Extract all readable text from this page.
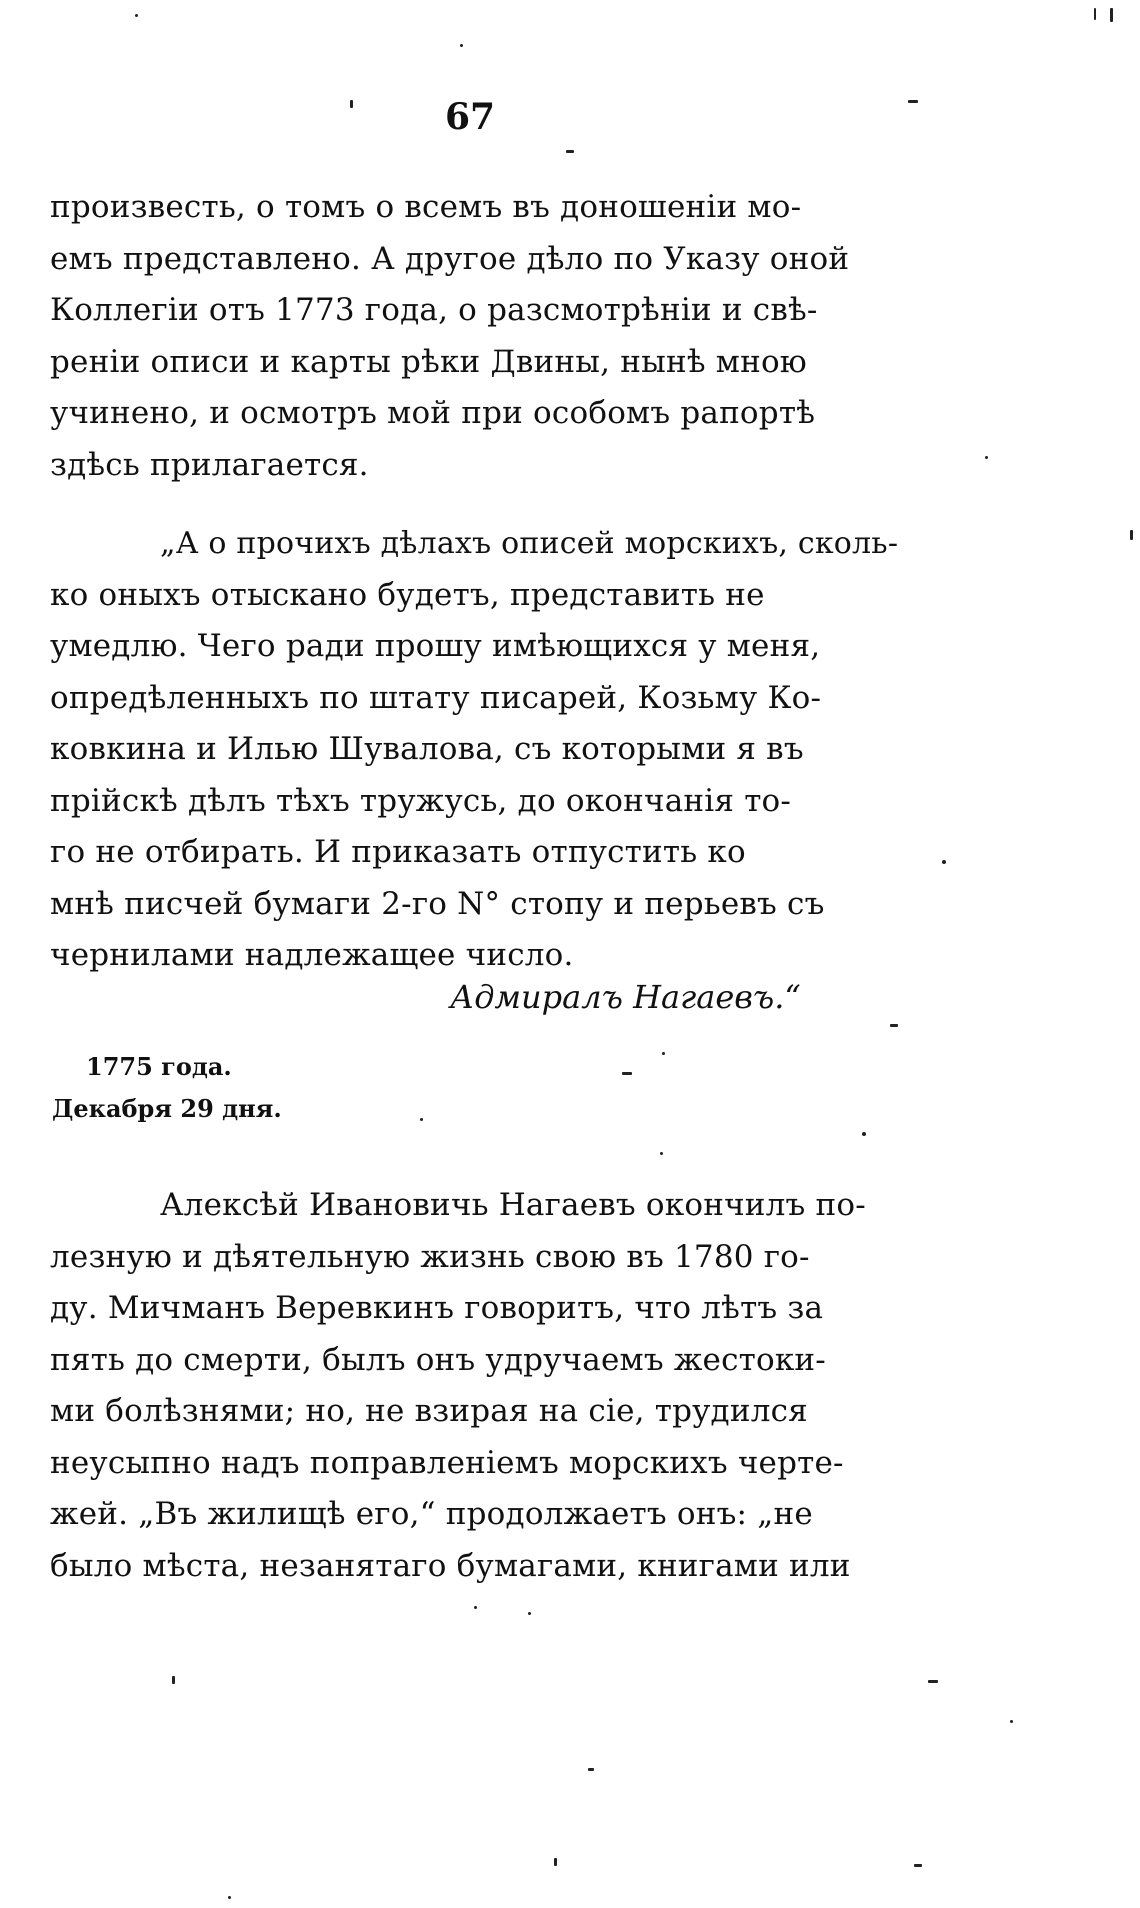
67
произвесть, о томъ о всемъ въ доношеніи мо-
емъ представлено. А другое дѣло по Указу оной
Коллегіи отъ 1773 года, о разсмотрѣніи и свѣ-
реніи описи и карты рѣки Двины, нынѣ мною
учинено, и осмотръ мой при особомъ рапортѣ
здѣсь прилагается.
„А о прочихъ дѣлахъ описей морскихъ, сколь-
ко оныхъ отыскано будетъ, представить не
умедлю. Чего ради прошу имѣющихся у меня,
опредѣленныхъ по штату писарей, Козьму Ко-
ковкина и Илью Шувалова, съ которыми я въ
прійскѣ дѣлъ тѣхъ тружусь, до окончанія то-
го не отбирать. И приказать отпустить ко
мнѣ писчей бумаги 2-го N° стопу и перьевъ съ
чернилами надлежащее число.
Адмиралъ Нагаевъ.“
1775 года.
Декабря 29 дня.
Алексѣй Ивановичь Нагаевъ окончилъ по-
лезную и дѣятельную жизнь свою въ 1780 го-
ду. Мичманъ Веревкинъ говоритъ, что лѣтъ за
пять до смерти, былъ онъ удручаемъ жестоки-
ми болѣзнями; но, не взирая на сіе, трудился
неусыпно надъ поправленіемъ морскихъ черте-
жей. „Въ жилищѣ его,“ продолжаетъ онъ: „не
было мѣста, незанятаго бумагами, книгами или
